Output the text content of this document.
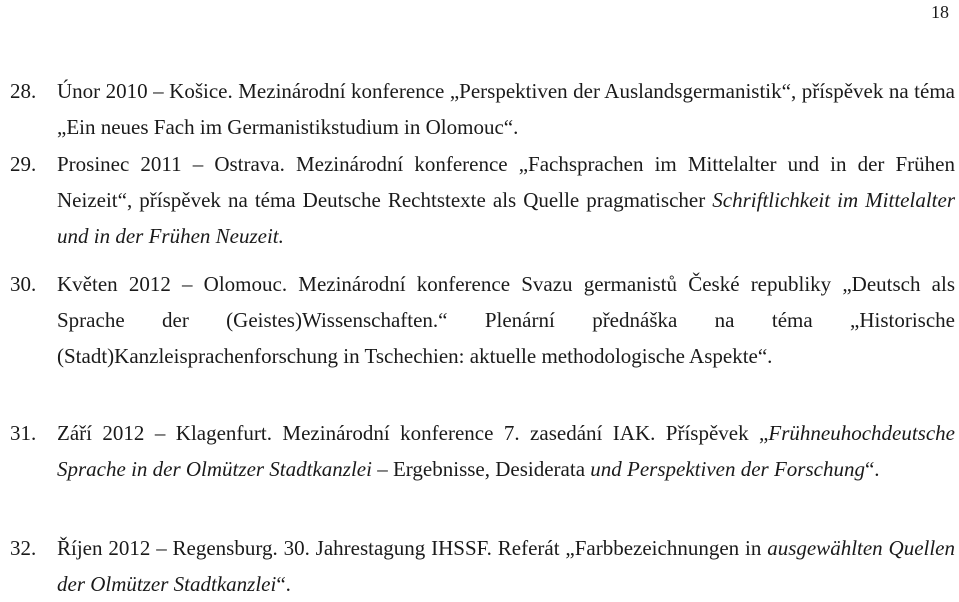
18
28. Únor 2010 – Košice. Mezinárodní konference „Perspektiven der Auslandsgermanistik“, příspěvek na téma „Ein neues Fach im Germanistikstudium in Olomouc“.
29. Prosinec 2011 – Ostrava. Mezinárodní konference „Fachsprachen im Mittelalter und in der Frühen Neizeit“, příspěvek na téma Deutsche Rechtstexte als Quelle pragmatischer Schriftlichkeit im Mittelalter und in der Frühen Neuzeit.
30. Květen 2012 – Olomouc. Mezinárodní konference Svazu germanistů České republiky „Deutsch als Sprache der (Geistes)Wissenschaften.“ Plenární přednáška na téma „Historische (Stadt)Kanzleisprachenforschung in Tschechien: aktuelle methodologische Aspekte“.
31. Září 2012 – Klagenfurt. Mezinárodní konference 7. zasedání IAK. Příspěvek „Frühneuhochdeutsche Sprache in der Olmützer Stadtkanzlei – Ergebnisse, Desiderata und Perspektiven der Forschung“.
32. Říjen 2012 – Regensburg. 30. Jahrestagung IHSSF. Referát „Farbbezeichnungen in ausgewählten Quellen der Olmützer Stadtkanzlei“.
